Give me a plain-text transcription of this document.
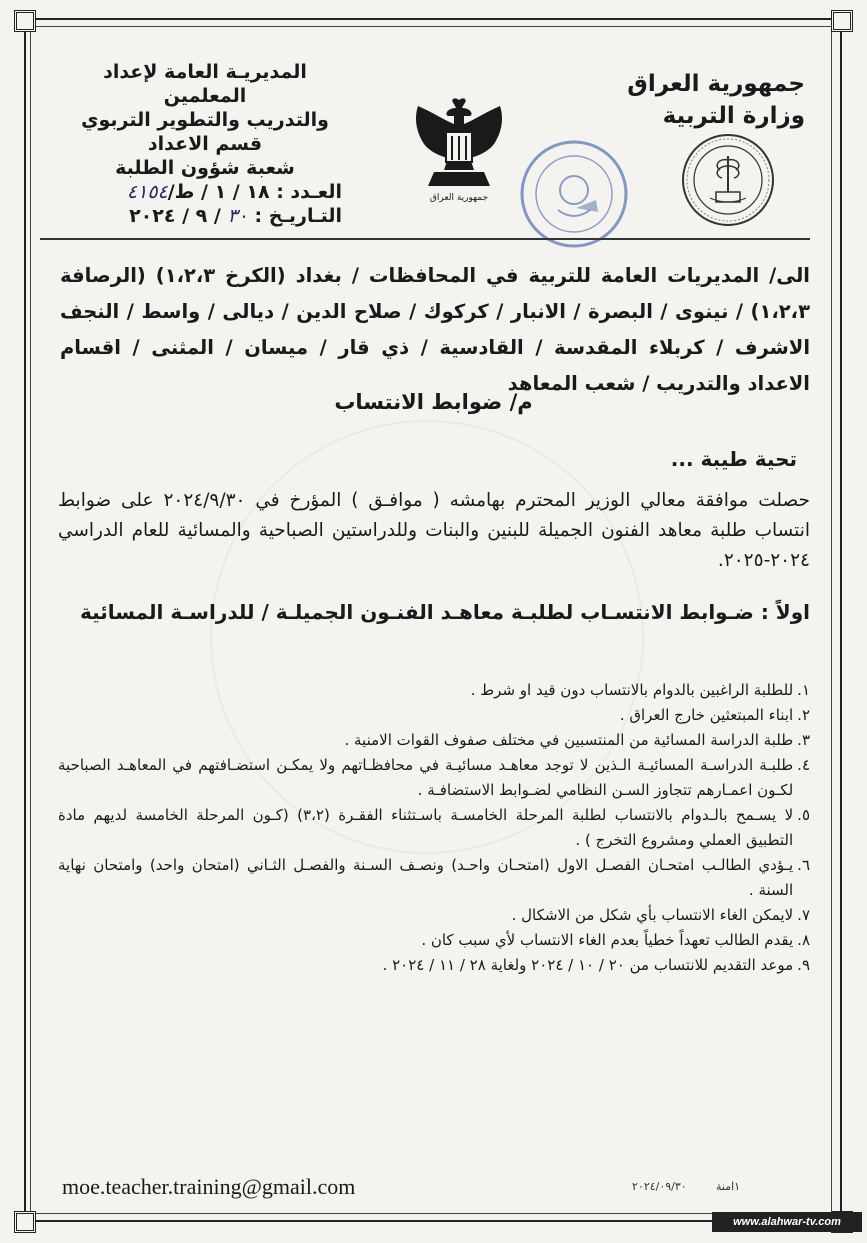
جمهورية العراق
وزارة التربية
المديريـة العامة لإعداد المعلمين
والتدريب والتطوير التربوي
قسم الاعداد
شعبة شؤون الطلبة
العـدد : ١٨ / ١ / ط/٤١٥٤
التـاريـخ : ٣٠ / ٩ / ٢٠٢٤
جمهورية العراق
الى/ المديريات العامة للتربية في المحافظات / بغداد (الكرخ ١،٢،٣) (الرصافة ١،٢،٣) / نينوى / البصرة / الانبار / كركوك / صلاح الدين / ديالى / واسط / النجف الاشرف / كربلاء المقدسة / القادسية / ذي قار / ميسان / المثنى / اقسام الاعداد والتدريب / شعب المعاهد
م/ ضوابط الانتساب
تحية طيبة ...
حصلت موافقة معالي الوزير المحترم بهامشه ( موافـق ) المؤرخ في ٢٠٢٤/٩/٣٠ على ضوابط انتساب طلبة معاهد الفنون الجميلة للبنين والبنات وللدراستين الصباحية والمسائية للعام الدراسي ٢٠٢٤-٢٠٢٥.
اولاً : ضـوابط الانتسـاب لطلبـة معاهـد الفنـون الجميلـة / للدراسـة المسائية
١.
للطلبة الراغبين بالدوام بالانتساب دون قيد او شرط .
٢.
ابناء المبتعثين خارج العراق .
٣.
طلبة الدراسة المسائية من المنتسبين في مختلف صفوف القوات الامنية .
٤.
طلبـة الدراسـة المسائيـة الـذين لا توجد معاهـد مسائيـة في محافظـاتهم ولا يمكـن استضـافتهم في المعاهـد الصباحية لكـون اعمـارهم تتجاوز السـن النظامي لضـوابط الاستضافـة .
٥.
لا يسـمح بالـدوام بالانتساب لطلبة المرحلة الخامسـة باسـتثناء الفقـرة (٣،٢) (كـون المرحلة الخامسة لديهم مادة التطبيق العملي ومشروع التخرج ) .
٦.
يـؤدي الطالـب امتحـان الفصـل الاول (امتحـان واحـد) ونصـف السـنة والفصـل الثـاني (امتحان واحد) وامتحان نهاية السنة .
٧.
لايمكن الغاء الانتساب بأي شكل من الاشكال .
٨.
يقدم الطالب تعهداً خطياً بعدم الغاء الانتساب لأي سبب كان .
٩.
موعد التقديم للانتساب من ٢٠ / ١٠ / ٢٠٢٤ ولغاية ٢٨ / ١١ / ٢٠٢٤ .
moe.teacher.training@gmail.com	١امنة
٢٠٢٤/٠٩/٣٠
www.alahwar-tv.com
